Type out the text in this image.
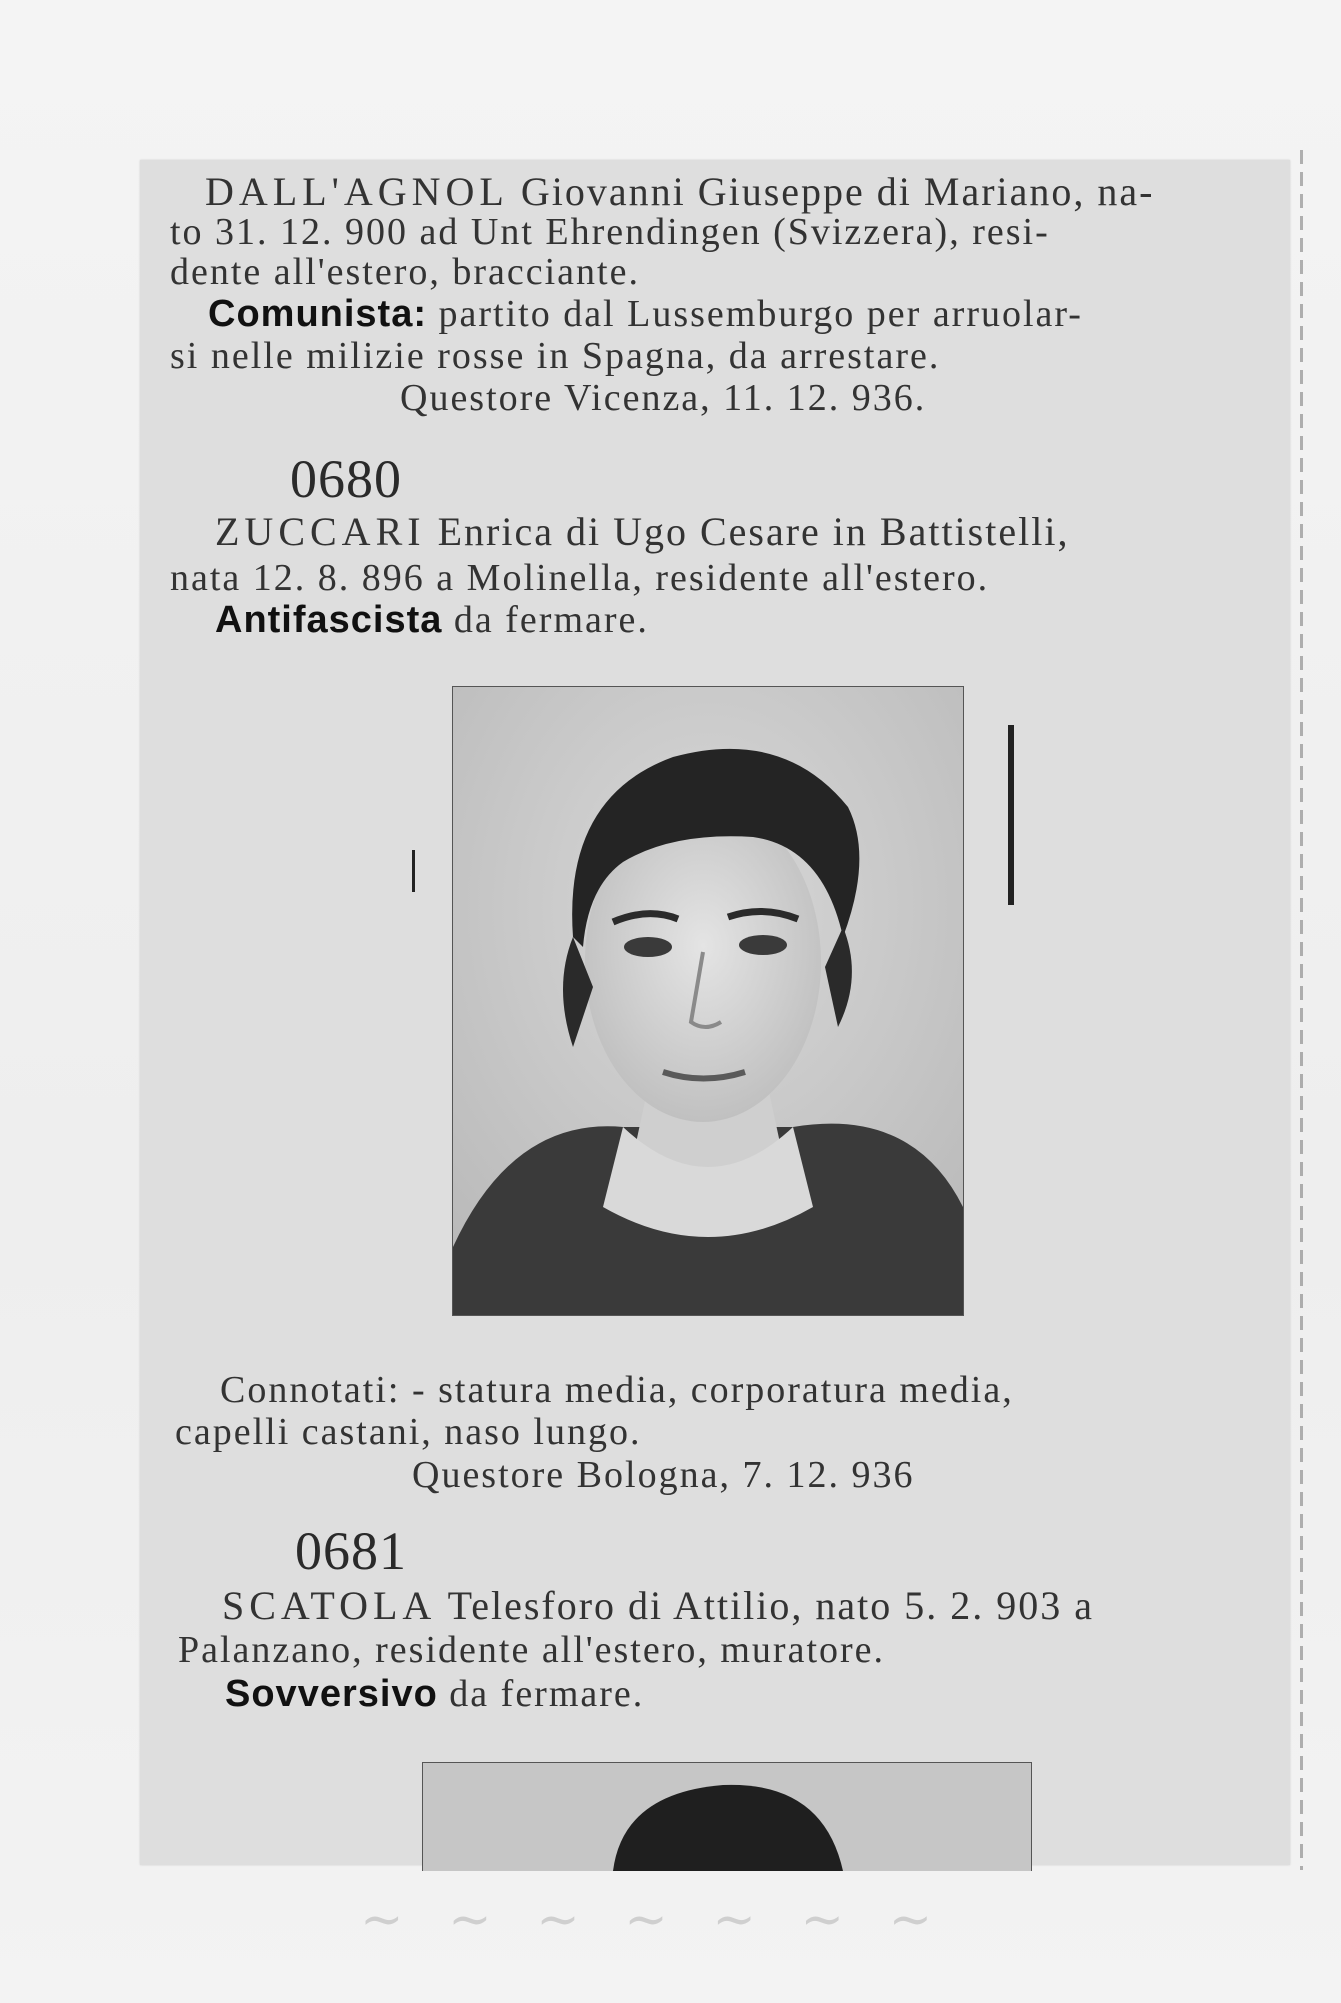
DALL'AGNOL Giovanni Giuseppe di Mariano, na-
to 31. 12. 900 ad Unt Ehrendingen (Svizzera), resi-
dente all'estero, bracciante.
Comunista: partito dal Lussemburgo per arruolar-
si nelle milizie rosse in Spagna, da arrestare.
Questore Vicenza, 11. 12. 936.
0680
ZUCCARI Enrica di Ugo Cesare in Battistelli,
nata 12. 8. 896 a Molinella, residente all'estero.
Antifascista da fermare.
Connotati: - statura media, corporatura media,
capelli castani, naso lungo.
Questore Bologna, 7. 12. 936
0681
SCATOLA Telesforo di Attilio, nato 5. 2. 903 a
Palanzano, residente all'estero, muratore.
Sovversivo da fermare.
~ ~ ~ ~ ~ ~ ~
